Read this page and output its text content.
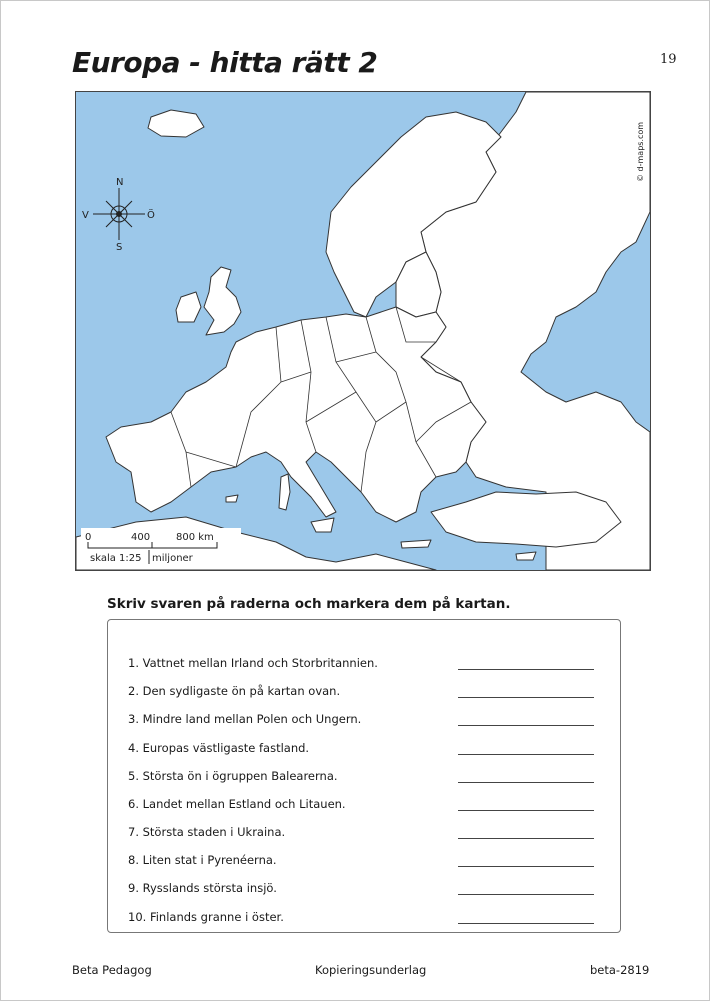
Europa - hitta rätt 2	19
N
S
V	Ö
© d-maps.com
0	400	800 km
skala 1:25 miljoner

Skriv svaren på raderna och markera dem på kartan.

1. Vattnet mellan Irland och Storbritannien.
2. Den sydligaste ön på kartan ovan.
3. Mindre land mellan Polen och Ungern.
4. Europas västligaste fastland.
5. Största ön i ögruppen Balearerna.
6. Landet mellan Estland och Litauen.
7. Största staden i Ukraina.
8. Liten stat i Pyrenéerna.
9. Rysslands största insjö.
10. Finlands granne i öster.
Beta Pedagog	Kopieringsunderlag	beta-2819
